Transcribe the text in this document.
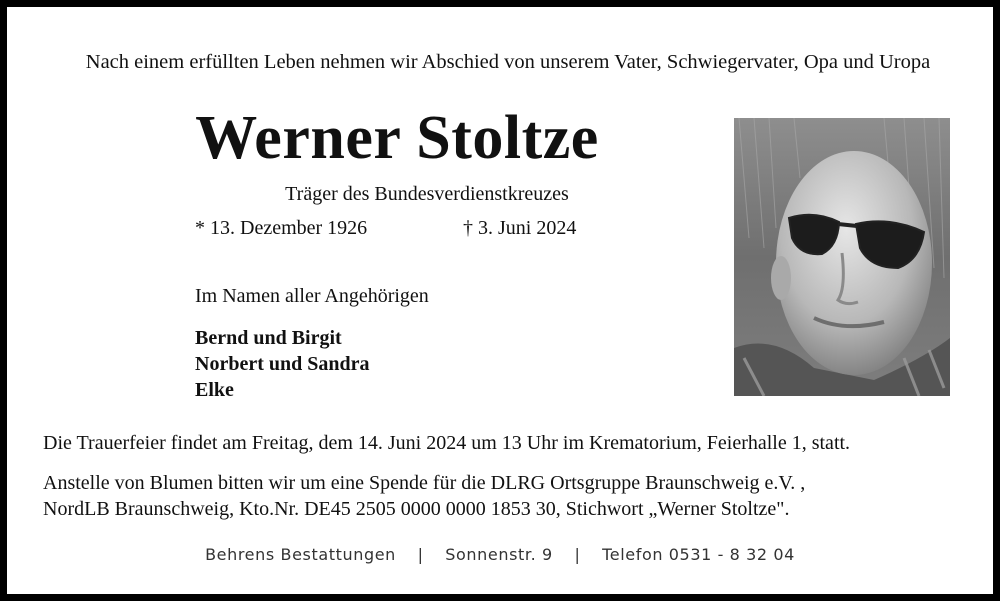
Nach einem erfüllten Leben nehmen wir Abschied von unserem Vater, Schwiegervater, Opa und Uropa
Werner Stoltze
Träger des Bundesverdienstkreuzes
* 13. Dezember 1926	† 3. Juni 2024
Im Namen aller Angehörigen
Bernd und Birgit
Norbert und Sandra
Elke
Die Trauerfeier findet am Freitag, dem 14. Juni 2024 um 13 Uhr im Krematorium, Feierhalle 1, statt.
Anstelle von Blumen bitten wir um eine Spende für die DLRG Ortsgruppe Braunschweig e.V. ,
NordLB Braunschweig, Kto.Nr. DE45 2505 0000 0000 1853 30, Stichwort „Werner Stoltze".
Behrens Bestattungen | Sonnenstr. 9 | Telefon 0531 - 8 32 04
